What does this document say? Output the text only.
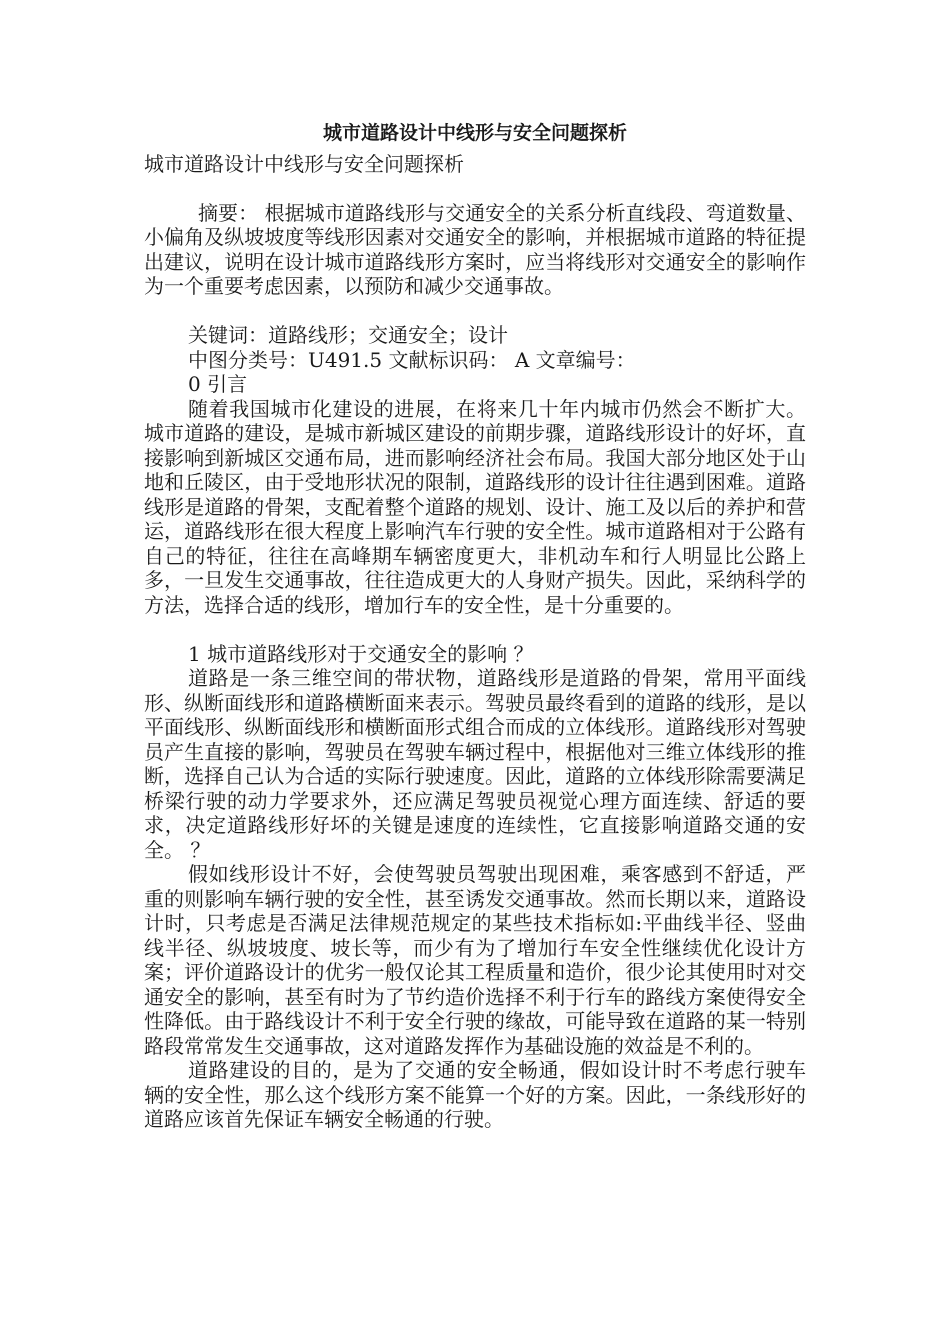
城市道路设计中线形与安全问题探析

城市道路设计中线形与安全问题探析

摘要： 根据城市道路线形与交通安全的关系分析直线段、弯道数量、小偏角及纵坡坡度等线形因素对交通安全的影响，并根据城市道路的特征提出建议，说明在设计城市道路线形方案时，应当将线形对交通安全的影响作为一个重要考虑因素，以预防和减少交通事故。

关键词：道路线形；交通安全；设计

中图分类号：U491.5 文献标识码： A 文章编号：

0 引言

随着我国城市化建设的进展，在将来几十年内城市仍然会不断扩大。城市道路的建设，是城市新城区建设的前期步骤，道路线形设计的好坏，直接影响到新城区交通布局，进而影响经济社会布局。我国大部分地区处于山地和丘陵区，由于受地形状况的限制，道路线形的设计往往遇到困难。道路线形是道路的骨架，支配着整个道路的规划、设计、施工及以后的养护和营运，道路线形在很大程度上影响汽车行驶的安全性。城市道路相对于公路有自己的特征，往往在高峰期车辆密度更大，非机动车和行人明显比公路上多，一旦发生交通事故，往往造成更大的人身财产损失。因此，采纳科学的方法，选择合适的线形，增加行车的安全性，是十分重要的。

1 城市道路线形对于交通安全的影响 ？

道路是一条三维空间的带状物，道路线形是道路的骨架，常用平面线形、纵断面线形和道路横断面来表示。驾驶员最终看到的道路的线形，是以平面线形、纵断面线形和横断面形式组合而成的立体线形。道路线形对驾驶员产生直接的影响，驾驶员在驾驶车辆过程中，根据他对三维立体线形的推断，选择自己认为合适的实际行驶速度。因此，道路的立体线形除需要满足桥梁行驶的动力学要求外，还应满足驾驶员视觉心理方面连续、舒适的要求，决定道路线形好坏的关键是速度的连续性，它直接影响道路交通的安全。 ？

假如线形设计不好，会使驾驶员驾驶出现困难，乘客感到不舒适，严重的则影响车辆行驶的安全性，甚至诱发交通事故。然而长期以来，道路设计时，只考虑是否满足法律规范规定的某些技术指标如:平曲线半径、竖曲线半径、纵坡坡度、坡长等，而少有为了增加行车安全性继续优化设计方案；评价道路设计的优劣一般仅论其工程质量和造价，很少论其使用时对交通安全的影响，甚至有时为了节约造价选择不利于行车的路线方案使得安全性降低。由于路线设计不利于安全行驶的缘故，可能导致在道路的某一特别路段常常发生交通事故，这对道路发挥作为基础设施的效益是不利的。

道路建设的目的，是为了交通的安全畅通，假如设计时不考虑行驶车辆的安全性，那么这个线形方案不能算一个好的方案。因此，一条线形好的道路应该首先保证车辆安全畅通的行驶。
